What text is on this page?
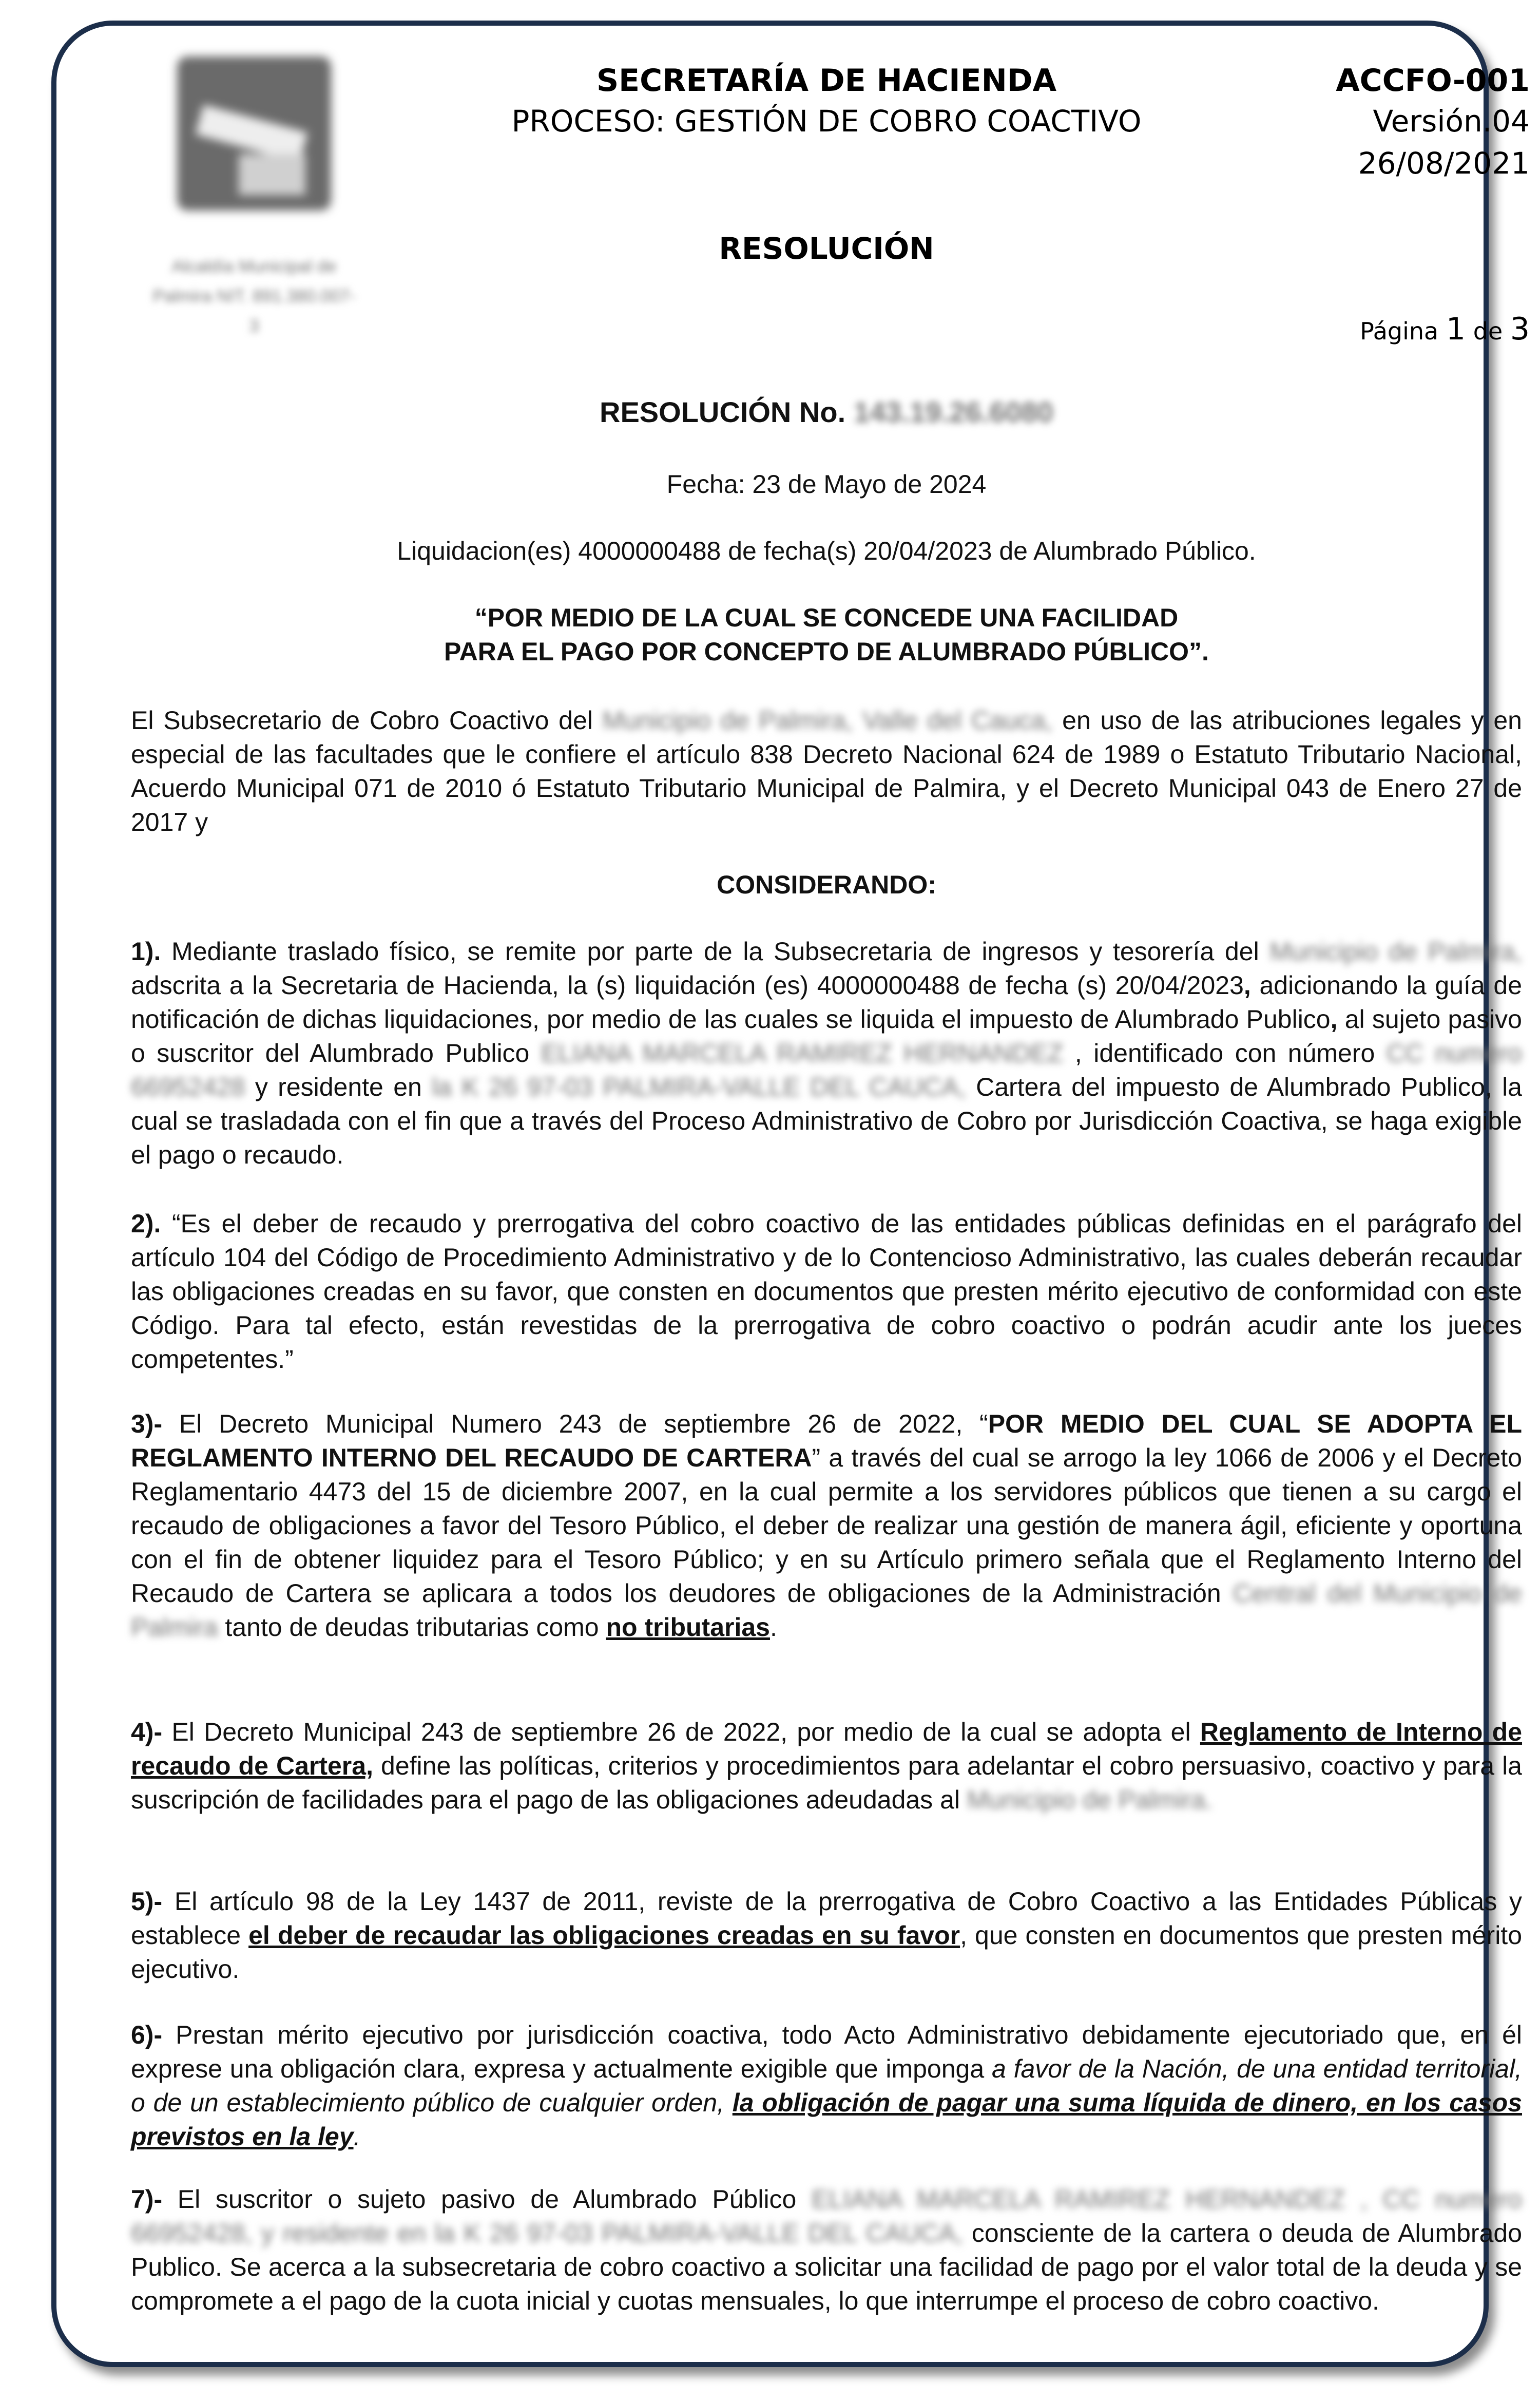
Alcaldía Municipal de Palmira NIT. 891.380.007-3
SECRETARÍA DE HACIENDA
PROCESO: GESTIÓN DE COBRO COACTIVO
RESOLUCIÓN
ACCFO-001
Versión.04
26/08/2021
Página 1 de 3
RESOLUCIÓN No. 143.19.26.6080
Fecha: 23 de Mayo de 2024
Liquidacion(es) 4000000488 de fecha(s) 20/04/2023 de Alumbrado Público.
“POR MEDIO DE LA CUAL SE CONCEDE UNA FACILIDAD
PARA EL PAGO POR CONCEPTO DE ALUMBRADO PÚBLICO”.
El Subsecretario de Cobro Coactivo del Municipio de Palmira, Valle del Cauca, en uso de las atribuciones legales y en especial de las facultades que le confiere el artículo 838 Decreto Nacional 624 de 1989 o Estatuto Tributario Nacional, Acuerdo Municipal 071 de 2010 ó Estatuto Tributario Municipal de Palmira, y el Decreto Municipal 043 de Enero 27 de 2017 y
CONSIDERANDO:
1). Mediante traslado físico, se remite por parte de la Subsecretaria de ingresos y tesorería del Municipio de Palmira, adscrita a la Secretaria de Hacienda, la (s) liquidación (es) 4000000488 de fecha (s) 20/04/2023, adicionando la guía de notificación de dichas liquidaciones, por medio de las cuales se liquida el impuesto de Alumbrado Publico, al sujeto pasivo o suscritor del Alumbrado Publico ELIANA MARCELA RAMIREZ HERNANDEZ , identificado con número CC numero 66952428 y residente en la K 26 97-03 PALMIRA-VALLE DEL CAUCA, Cartera del impuesto de Alumbrado Publico, la cual se trasladada con el fin que a través del Proceso Administrativo de Cobro por Jurisdicción Coactiva, se haga exigible el pago o recaudo.
2). “Es el deber de recaudo y prerrogativa del cobro coactivo de las entidades públicas definidas en el parágrafo del artículo 104 del Código de Procedimiento Administrativo y de lo Contencioso Administrativo, las cuales deberán recaudar las obligaciones creadas en su favor, que consten en documentos que presten mérito ejecutivo de conformidad con este Código. Para tal efecto, están revestidas de la prerrogativa de cobro coactivo o podrán acudir ante los jueces competentes.”
3)- El Decreto Municipal Numero 243 de septiembre 26 de 2022, “POR MEDIO DEL CUAL SE ADOPTA EL REGLAMENTO INTERNO DEL RECAUDO DE CARTERA” a través del cual se arrogo la ley 1066 de 2006 y el Decreto Reglamentario 4473 del 15 de diciembre 2007, en la cual permite a los servidores públicos que tienen a su cargo el recaudo de obligaciones a favor del Tesoro Público, el deber de realizar una gestión de manera ágil, eficiente y oportuna con el fin de obtener liquidez para el Tesoro Público; y en su Artículo primero señala que el Reglamento Interno del Recaudo de Cartera se aplicara a todos los deudores de obligaciones de la Administración Central del Municipio de Palmira tanto de deudas tributarias como no tributarias.
4)- El Decreto Municipal 243 de septiembre 26 de 2022, por medio de la cual se adopta el Reglamento de Interno de recaudo de Cartera, define las políticas, criterios y procedimientos para adelantar el cobro persuasivo, coactivo y para la suscripción de facilidades para el pago de las obligaciones adeudadas al Municipio de Palmira.
5)- El artículo 98 de la Ley 1437 de 2011, reviste de la prerrogativa de Cobro Coactivo a las Entidades Públicas y establece el deber de recaudar las obligaciones creadas en su favor, que consten en documentos que presten mérito ejecutivo.
6)- Prestan mérito ejecutivo por jurisdicción coactiva, todo Acto Administrativo debidamente ejecutoriado que, en él exprese una obligación clara, expresa y actualmente exigible que imponga a favor de la Nación, de una entidad territorial, o de un establecimiento público de cualquier orden, la obligación de pagar una suma líquida de dinero, en los casos previstos en la ley.
7)- El suscritor o sujeto pasivo de Alumbrado Público ELIANA MARCELA RAMIREZ HERNANDEZ , CC numero 66952428, y residente en la K 26 97-03 PALMIRA-VALLE DEL CAUCA, consciente de la cartera o deuda de Alumbrado Publico. Se acerca a la subsecretaria de cobro coactivo a solicitar una facilidad de pago por el valor total de la deuda y se compromete a el pago de la cuota inicial y cuotas mensuales, lo que interrumpe el proceso de cobro coactivo.
